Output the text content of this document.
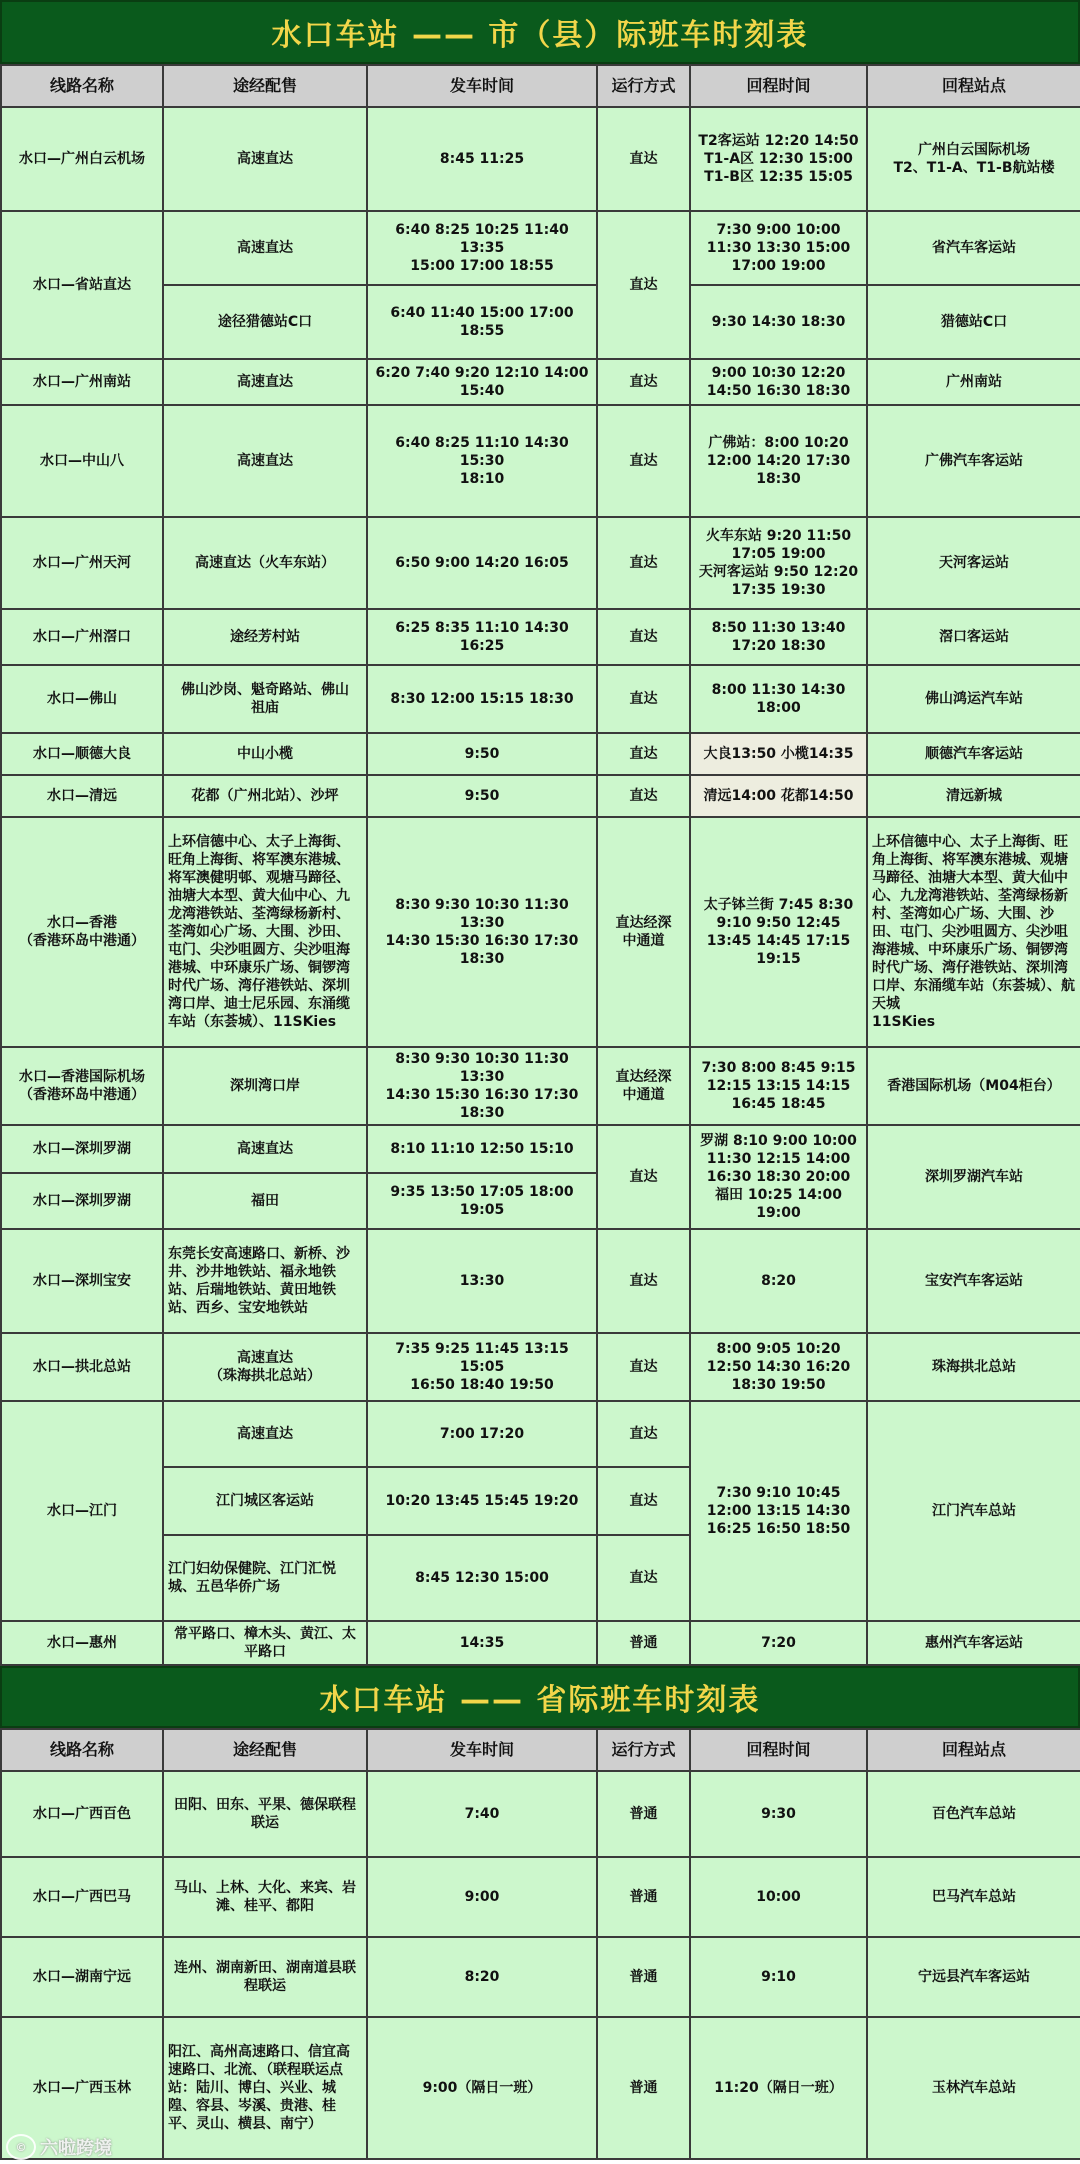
水口车站 —— 市（县）际班车时刻表
线路名称	途经配售	发车时间	运行方式	回程时间	回程站点
水口—广州白云机场	高速直达	8:45 11:25	直达	T2客运站 12:20 14:50
T1-A区 12:30 15:00
T1-B区 12:35 15:05	广州白云国际机场
T2、T1-A、T1-B航站楼
水口—省站直达	高速直达	6:40 8:25 10:25 11:40 13:35
15:00 17:00 18:55	直达	7:30 9:00 10:00
11:30 13:30 15:00
17:00 19:00	省汽车客运站
	途径猎德站C口	6:40 11:40 15:00 17:00
18:55		9:30 14:30 18:30	猎德站C口
水口—广州南站	高速直达	6:20 7:40 9:20 12:10 14:00
15:40	直达	9:00 10:30 12:20
14:50 16:30 18:30	广州南站
水口—中山八	高速直达	6:40 8:25 11:10 14:30 15:30
18:10	直达	广佛站：8:00 10:20
12:00 14:20 17:30
18:30	广佛汽车客运站
水口—广州天河	高速直达（火车东站）	6:50 9:00 14:20 16:05	直达	火车东站 9:20 11:50
17:05 19:00
天河客运站 9:50 12:20
17:35 19:30	天河客运站
水口—广州滘口	途经芳村站	6:25 8:35 11:10 14:30 16:25	直达	8:50 11:30 13:40
17:20 18:30	滘口客运站
水口—佛山	佛山沙岗、魁奇路站、佛山
祖庙	8:30 12:00 15:15 18:30	直达	8:00 11:30 14:30
18:00	佛山鸿运汽车站
水口—顺德大良	中山小榄	9:50	直达	大良13:50 小榄14:35	顺德汽车客运站
水口—清远	花都（广州北站）、沙坪	9:50	直达	清远14:00 花都14:50	清远新城
水口—香港
（香港环岛中港通）	上环信德中心、太子上海街、旺角上海街、将军澳东港城、将军澳健明邨、观塘马蹄径、油塘大本型、黄大仙中心、九龙湾港铁站、荃湾绿杨新村、荃湾如心广场、大围、沙田、屯门、尖沙咀圆方、尖沙咀海港城、中环康乐广场、铜锣湾时代广场、湾仔港铁站、深圳湾口岸、迪士尼乐园、东涌缆车站（东荟城）、11SKies	8:30 9:30 10:30 11:30 13:30
14:30 15:30 16:30 17:30
18:30	直达经深
中通道	太子钵兰街 7:45 8:30
9:10 9:50 12:45
13:45 14:45 17:15
19:15	上环信德中心、太子上海街、旺角上海街、将军澳东港城、观塘马蹄径、油塘大本型、黄大仙中心、九龙湾港铁站、荃湾绿杨新村、荃湾如心广场、大围、沙田、屯门、尖沙咀圆方、尖沙咀海港城、中环康乐广场、铜锣湾时代广场、湾仔港铁站、深圳湾口岸、东涌缆车站（东荟城）、航天城
11SKies
水口—香港国际机场
（香港环岛中港通）	深圳湾口岸	8:30 9:30 10:30 11:30 13:30
14:30 15:30 16:30 17:30
18:30	直达经深
中通道	7:30 8:00 8:45 9:15
12:15 13:15 14:15
16:45 18:45	香港国际机场（M04柜台）
水口—深圳罗湖	高速直达	8:10 11:10 12:50 15:10	直达	罗湖 8:10 9:00 10:00
11:30 12:15 14:00
16:30 18:30 20:00
福田 10:25 14:00
19:00	深圳罗湖汽车站
水口—深圳罗湖	福田	9:35 13:50 17:05 18:00
19:05			
水口—深圳宝安	东莞长安高速路口、新桥、沙井、沙井地铁站、福永地铁站、后瑞地铁站、黄田地铁站、西乡、宝安地铁站	13:30	直达	8:20	宝安汽车客运站
水口—拱北总站	高速直达
（珠海拱北总站）	7:35 9:25 11:45 13:15 15:05
16:50 18:40 19:50	直达	8:00 9:05 10:20
12:50 14:30 16:20
18:30 19:50	珠海拱北总站
水口—江门	高速直达	7:00 17:20	直达	7:30 9:10 10:45
12:00 13:15 14:30
16:25 16:50 18:50	江门汽车总站
	江门城区客运站	10:20 13:45 15:45 19:20	直达		
	江门妇幼保健院、江门汇悦城、五邑华侨广场	8:45 12:30 15:00	直达		
水口—惠州	常平路口、樟木头、黄江、太平路口	14:35	普通	7:20	惠州汽车客运站
水口车站 —— 省际班车时刻表
线路名称	途经配售	发车时间	运行方式	回程时间	回程站点
水口—广西百色	田阳、田东、平果、德保联程联运	7:40	普通	9:30	百色汽车总站
水口—广西巴马	马山、上林、大化、来宾、岩滩、桂平、都阳	9:00	普通	10:00	巴马汽车总站
水口—湖南宁远	连州、湖南新田、湖南道县联程联运	8:20	普通	9:10	宁远县汽车客运站
水口—广西玉林	阳江、高州高速路口、信宜高速路口、北流、（联程联运点站：陆川、博白、兴业、城隍、容县、岑溪、贵港、桂平、灵山、横县、南宁）	9:00（隔日一班）	普通	11:20（隔日一班）	玉林汽车总站
© 六啦跨境
